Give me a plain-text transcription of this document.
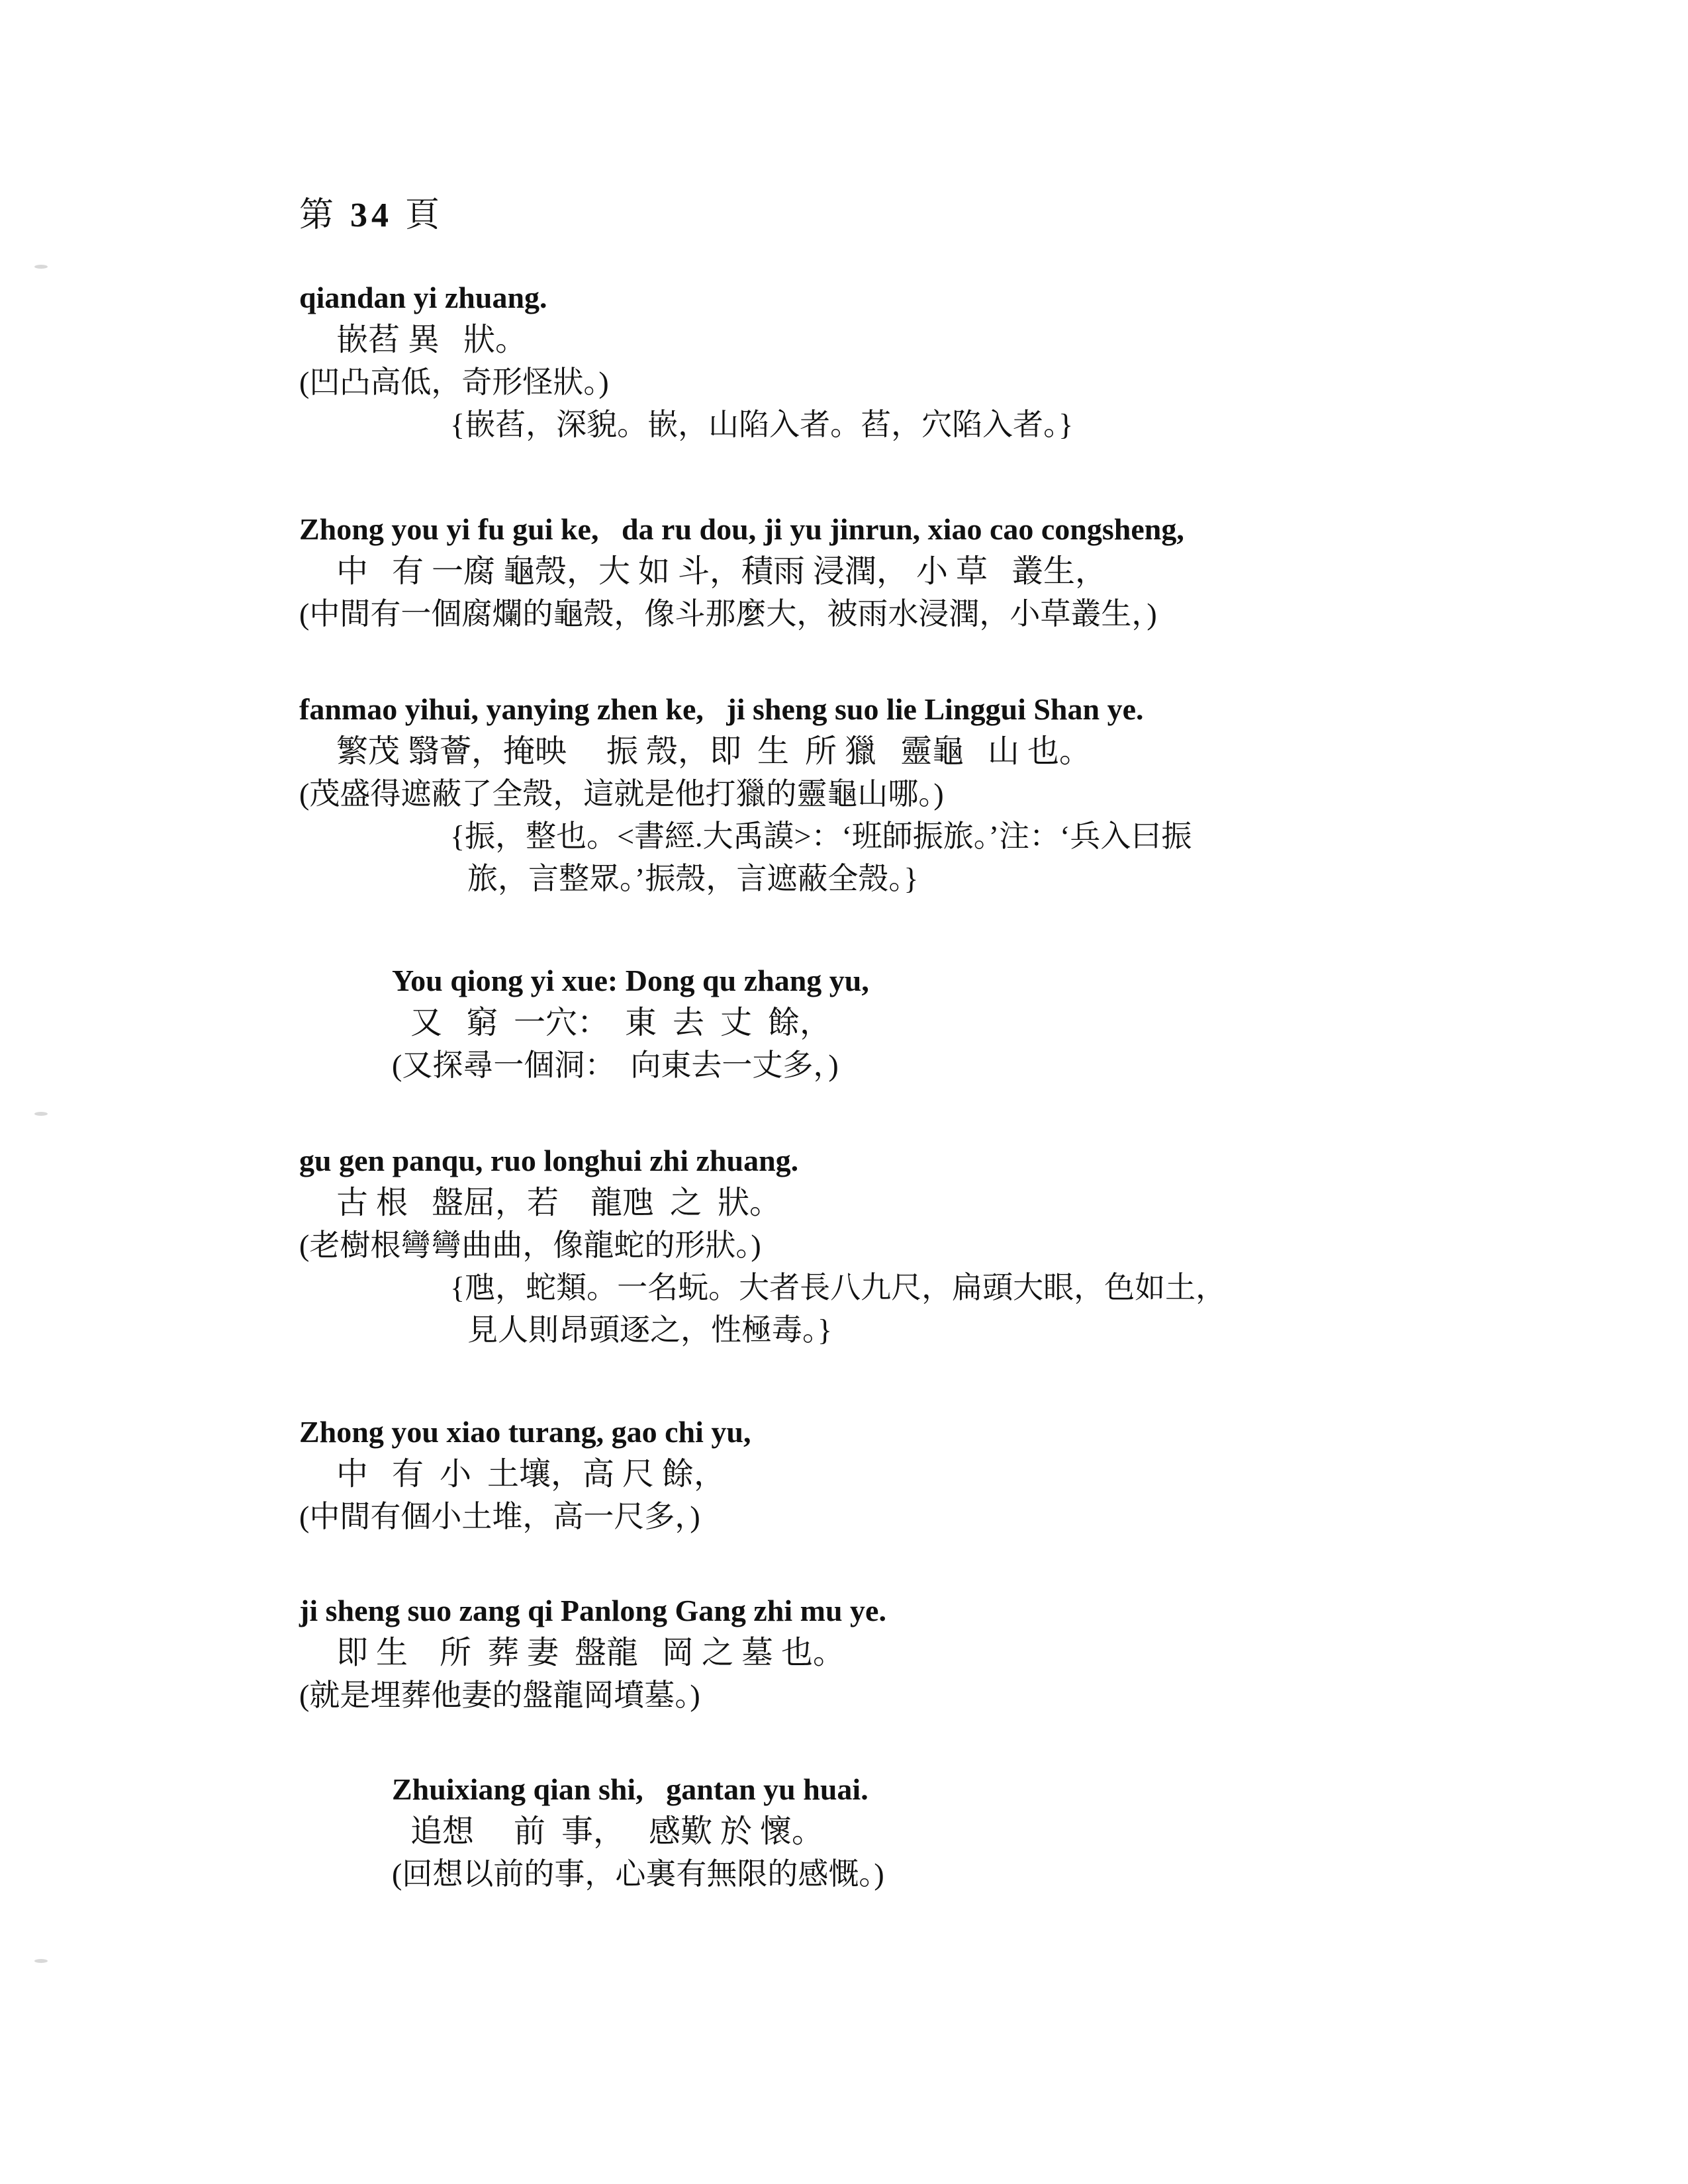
第 34 頁
qiandan yi zhuang.
嵌萏 異   狀。
(凹凸高低，奇形怪狀。)
{嵌萏，深貌。嵌，山陷入者。萏，穴陷入者。}
Zhong you yi fu gui ke,   da ru dou, ji yu jinrun, xiao cao congsheng,
中   有 一腐 龜殼，大 如 斗，積雨 浸潤， 小 草   叢生，
(中間有一個腐爛的龜殼，像斗那麼大，被雨水浸潤，小草叢生，)
fanmao yihui, yanying zhen ke,   ji sheng suo lie Linggui Shan ye.
繁茂 翳薈，掩映     振 殼，即  生  所 獵   靈龜   山 也。
(茂盛得遮蔽了全殼，這就是他打獵的靈龜山哪。)
{振，整也。<書經.大禹謨>：‘班師振旅。’注：‘兵入曰振
旅，言整眾。’振殼，言遮蔽全殼。}
You qiong yi xue: Dong qu zhang yu,
又   窮  一穴：  東  去  丈  餘，
(又探尋一個洞：  向東去一丈多，)
gu gen panqu, ruo longhui zhi zhuang.
古 根   盤屈，若    龍虺  之  狀。
(老樹根彎彎曲曲，像龍蛇的形狀。)
{虺，蛇類。一名蚖。大者長八九尺，扁頭大眼，色如土，
見人則昂頭逐之，性極毒。}
Zhong you xiao turang, gao chi yu,
中   有  小  土壤，高 尺 餘，
(中間有個小土堆，高一尺多，)
ji sheng suo zang qi Panlong Gang zhi mu ye.
即 生    所  葬 妻  盤龍   岡 之 墓 也。
(就是埋葬他妻的盤龍岡墳墓。)
Zhuixiang qian shi,   gantan yu huai.
追想     前  事，   感歎 於 懷。
(回想以前的事，心裏有無限的感慨。)
